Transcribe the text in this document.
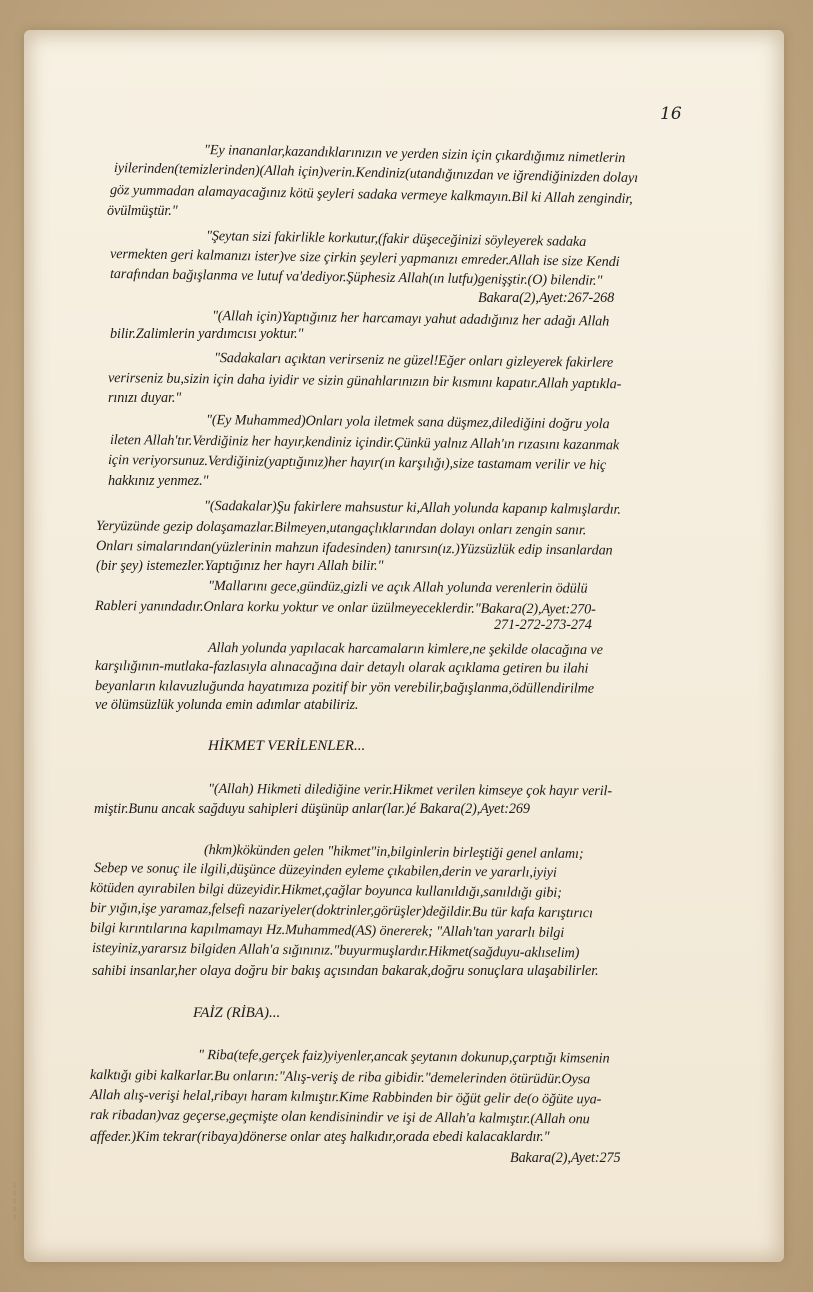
~ ~ ~ ~ ~
16
"Ey inananlar,kazandıklarınızın ve yerden sizin için çıkardığımız nimetlerin
iyilerinden(temizlerinden)(Allah için)verin.Kendiniz(utandığınızdan ve iğrendiğinizden dolayı
göz yummadan alamayacağınız kötü şeyleri sadaka vermeye kalkmayın.Bil ki Allah zengindir,
övülmüştür."
"Şeytan sizi fakirlikle korkutur,(fakir düşeceğinizi söyleyerek sadaka
vermekten geri kalmanızı ister)ve size çirkin şeyleri yapmanızı emreder.Allah ise size Kendi
tarafından bağışlanma ve lutuf va'dediyor.Şüphesiz Allah(ın lutfu)genişştir.(O) bilendir."
Bakara(2),Ayet:267-268
"(Allah için)Yaptığınız her harcamayı yahut adadığınız her adağı Allah
bilir.Zalimlerin yardımcısı yoktur."
"Sadakaları açıktan verirseniz ne güzel!Eğer onları gizleyerek fakirlere
verirseniz bu,sizin için daha iyidir ve sizin günahlarınızın bir kısmını kapatır.Allah yaptıkla-
rınızı duyar."
"(Ey Muhammed)Onları yola iletmek sana düşmez,dilediğini doğru yola
ileten Allah'tır.Verdiğiniz her hayır,kendiniz içindir.Çünkü yalnız Allah'ın rızasını kazanmak
için veriyorsunuz.Verdiğiniz(yaptığınız)her hayır(ın karşılığı),size tastamam verilir ve hiç
hakkınız yenmez."
"(Sadakalar)Şu fakirlere mahsustur ki,Allah yolunda kapanıp kalmışlardır.
Yeryüzünde gezip dolaşamazlar.Bilmeyen,utangaçlıklarından dolayı onları zengin sanır.
Onları simalarından(yüzlerinin mahzun ifadesinden) tanırsın(ız.)Yüzsüzlük edip insanlardan
(bir şey) istemezler.Yaptığınız her hayrı Allah bilir."
"Mallarını gece,gündüz,gizli ve açık Allah yolunda verenlerin ödülü
Rableri yanındadır.Onlara korku yoktur ve onlar üzülmeyeceklerdir."Bakara(2),Ayet:270-
271-272-273-274
Allah yolunda yapılacak harcamaların kimlere,ne şekilde olacağına ve
karşılığının-mutlaka-fazlasıyla alınacağına dair detaylı olarak açıklama getiren bu ilahi
beyanların kılavuzluğunda hayatımıza pozitif bir yön verebilir,bağışlanma,ödüllendirilme
ve ölümsüzlük yolunda emin adımlar atabiliriz.
HİKMET VERİLENLER...
"(Allah) Hikmeti dilediğine verir.Hikmet verilen kimseye çok hayır veril-
miştir.Bunu ancak sağduyu sahipleri düşünüp anlar(lar.)é Bakara(2),Ayet:269
(hkm)kökünden gelen "hikmet"in,bilginlerin birleştiği genel anlamı;
Sebep ve sonuç ile ilgili,düşünce düzeyinden eyleme çıkabilen,derin ve yararlı,iyiyi
kötüden ayırabilen bilgi düzeyidir.Hikmet,çağlar boyunca kullanıldığı,sanıldığı gibi;
bir yığın,işe yaramaz,felsefi nazariyeler(doktrinler,görüşler)değildir.Bu tür kafa karıştırıcı
bilgi kırıntılarına kapılmamayı Hz.Muhammed(AS) önererek; "Allah'tan yararlı bilgi
isteyiniz,yararsız bilgiden Allah'a sığınınız."buyurmuşlardır.Hikmet(sağduyu-aklıselim)
sahibi insanlar,her olaya doğru bir bakış açısından bakarak,doğru sonuçlara ulaşabilirler.
FAİZ (RİBA)...
" Riba(tefe,gerçek faiz)yiyenler,ancak şeytanın dokunup,çarptığı kimsenin
kalktığı gibi kalkarlar.Bu onların:"Alış-veriş de riba gibidir."demelerinden ötürüdür.Oysa
Allah alış-verişi helal,ribayı haram kılmıştır.Kime Rabbinden bir öğüt gelir de(o öğüte uya-
rak ribadan)vaz geçerse,geçmişte olan kendisinindir ve işi de Allah'a kalmıştır.(Allah onu
affeder.)Kim tekrar(ribaya)dönerse onlar ateş halkıdır,orada ebedi kalacaklardır."
Bakara(2),Ayet:275
